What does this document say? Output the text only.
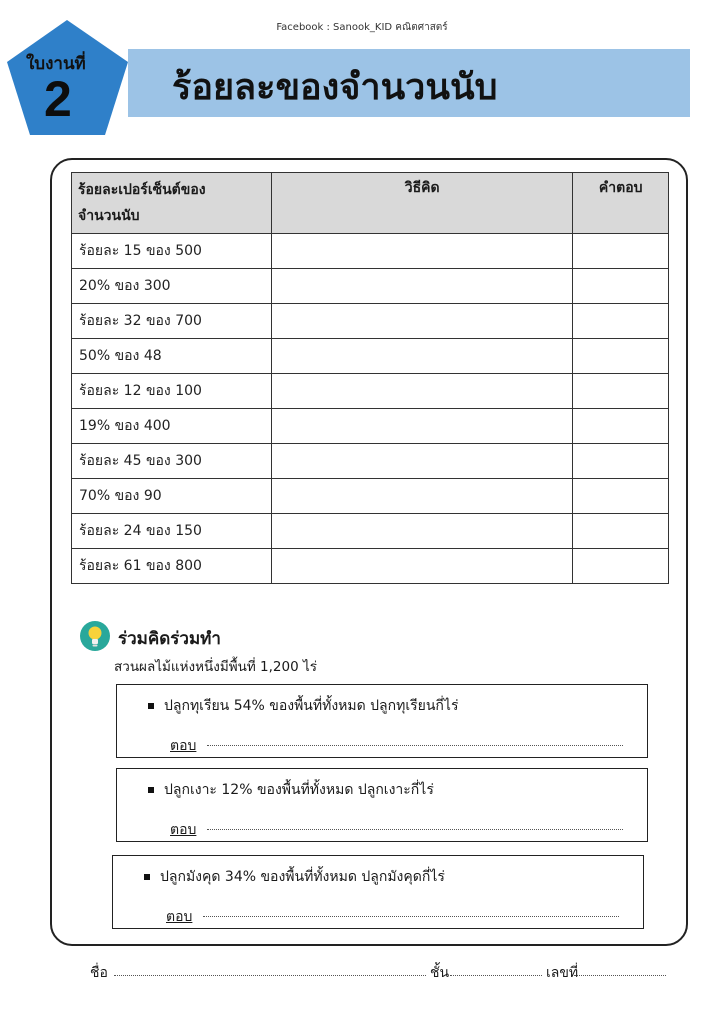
Facebook : Sanook_KID คณิตศาสตร์
ร้อยละของจำนวนนับ
ใบงานที่
2
ร้อยละเปอร์เซ็นต์ของจำนวนนับ	วิธีคิด	คำตอบ
ร้อยละ 15 ของ 500		
20% ของ 300		
ร้อยละ 32 ของ 700		
50% ของ 48		
ร้อยละ 12 ของ 100		
19% ของ 400		
ร้อยละ 45 ของ 300		
70% ของ 90		
ร้อยละ 24 ของ 150		
ร้อยละ 61 ของ 800		
ร่วมคิดร่วมทำ
สวนผลไม้แห่งหนึ่งมีพื้นที่ 1,200 ไร่
ปลูกทุเรียน 54% ของพื้นที่ทั้งหมด ปลูกทุเรียนกี่ไร่
ตอบ
ปลูกเงาะ 12% ของพื้นที่ทั้งหมด ปลูกเงาะกี่ไร่
ตอบ
ปลูกมังคุด 34% ของพื้นที่ทั้งหมด ปลูกมังคุดกี่ไร่
ตอบ
ชื่อ	ชั้น	เลขที่
